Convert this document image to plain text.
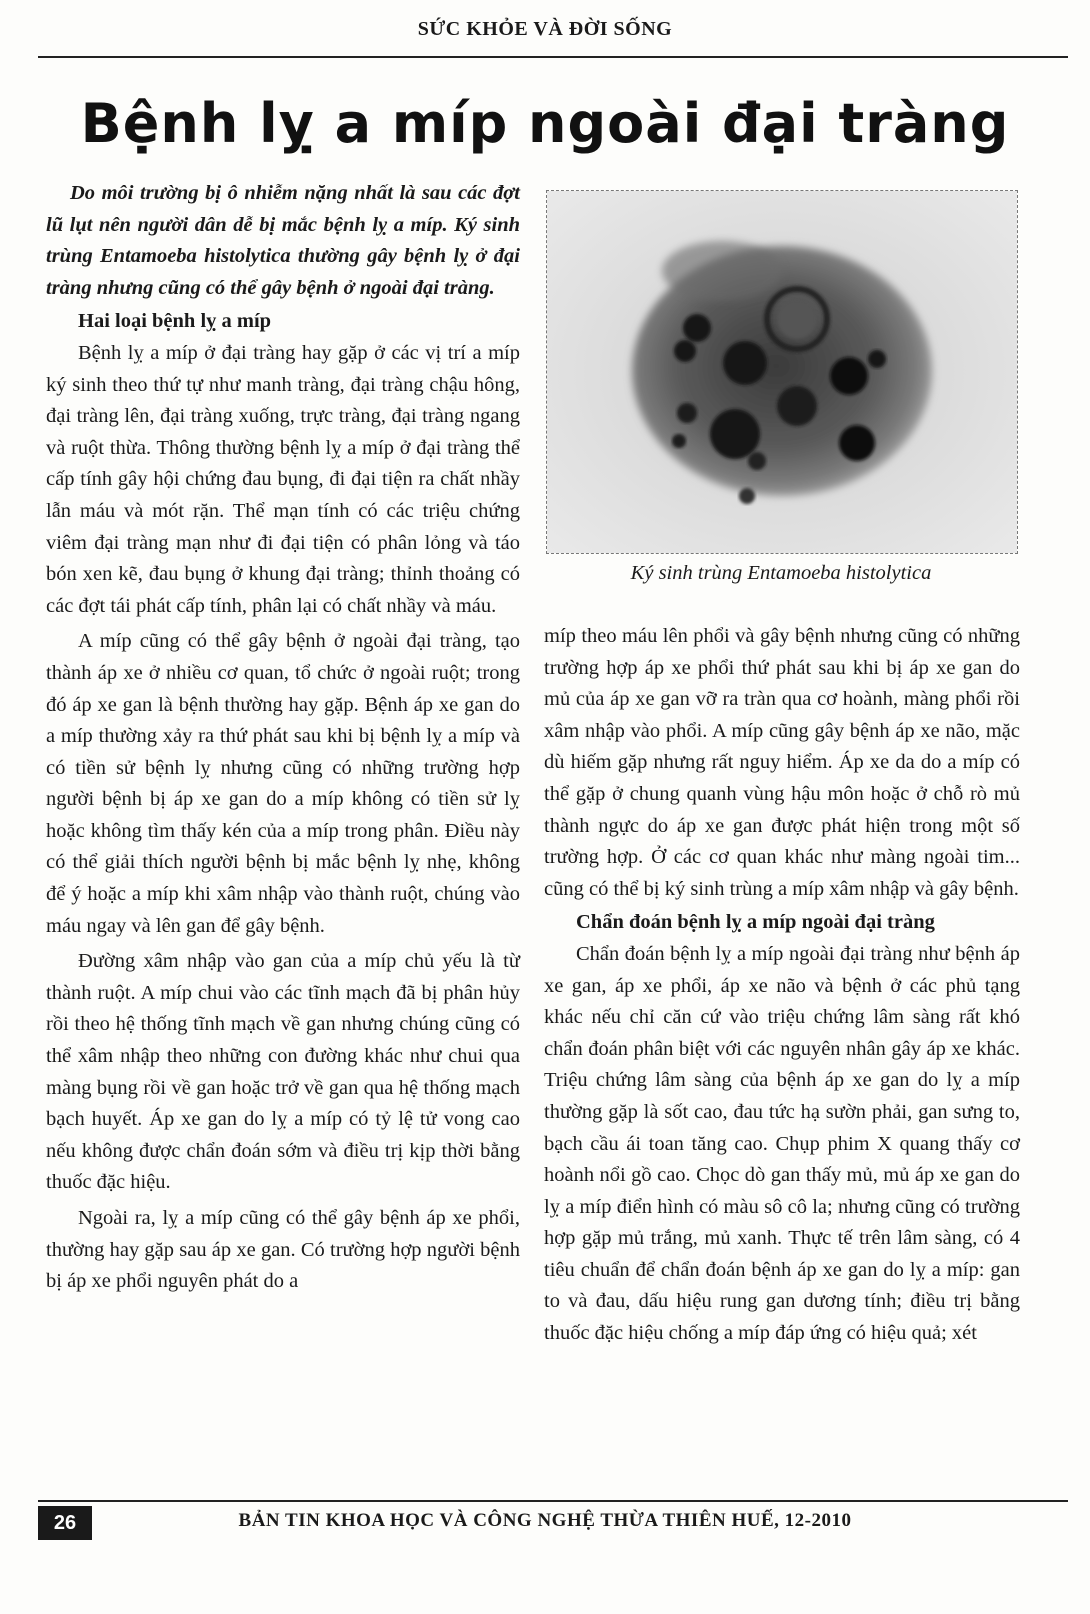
SỨC KHỎE VÀ ĐỜI SỐNG
Bệnh lỵ a míp ngoài đại tràng

Do môi trường bị ô nhiễm nặng nhất là sau các đợt lũ lụt nên người dân dễ bị mắc bệnh lỵ a míp. Ký sinh trùng Entamoeba histolytica thường gây bệnh lỵ ở đại tràng nhưng cũng có thể gây bệnh ở ngoài đại tràng.

Hai loại bệnh lỵ a míp

Bệnh lỵ a míp ở đại tràng hay gặp ở các vị trí a míp ký sinh theo thứ tự như manh tràng, đại tràng chậu hông, đại tràng lên, đại tràng xuống, trực tràng, đại tràng ngang và ruột thừa. Thông thường bệnh lỵ a míp ở đại tràng thể cấp tính gây hội chứng đau bụng, đi đại tiện ra chất nhầy lẫn máu và mót rặn. Thể mạn tính có các triệu chứng viêm đại tràng mạn như đi đại tiện có phân lỏng và táo bón xen kẽ, đau bụng ở khung đại tràng; thỉnh thoảng có các đợt tái phát cấp tính, phân lại có chất nhầy và máu.

A míp cũng có thể gây bệnh ở ngoài đại tràng, tạo thành áp xe ở nhiều cơ quan, tổ chức ở ngoài ruột; trong đó áp xe gan là bệnh thường hay gặp. Bệnh áp xe gan do a míp thường xảy ra thứ phát sau khi bị bệnh lỵ a míp và có tiền sử bệnh lỵ nhưng cũng có những trường hợp người bệnh bị áp xe gan do a míp không có tiền sử lỵ hoặc không tìm thấy kén của a míp trong phân. Điều này có thể giải thích người bệnh bị mắc bệnh lỵ nhẹ, không để ý hoặc a míp khi xâm nhập vào thành ruột, chúng vào máu ngay và lên gan để gây bệnh.

Đường xâm nhập vào gan của a míp chủ yếu là từ thành ruột. A míp chui vào các tĩnh mạch đã bị phân hủy rồi theo hệ thống tĩnh mạch về gan nhưng chúng cũng có thể xâm nhập theo những con đường khác như chui qua màng bụng rồi về gan hoặc trở về gan qua hệ thống mạch bạch huyết. Áp xe gan do lỵ a míp có tỷ lệ tử vong cao nếu không được chẩn đoán sớm và điều trị kịp thời bằng thuốc đặc hiệu.

Ngoài ra, lỵ a míp cũng có thể gây bệnh áp xe phổi, thường hay gặp sau áp xe gan. Có trường hợp người bệnh bị áp xe phổi nguyên phát do a

Ký sinh trùng Entamoeba histolytica

míp theo máu lên phổi và gây bệnh nhưng cũng có những trường hợp áp xe phổi thứ phát sau khi bị áp xe gan do mủ của áp xe gan vỡ ra tràn qua cơ hoành, màng phổi rồi xâm nhập vào phổi. A míp cũng gây bệnh áp xe não, mặc dù hiếm gặp nhưng rất nguy hiểm. Áp xe da do a míp có thể gặp ở chung quanh vùng hậu môn hoặc ở chỗ rò mủ thành ngực do áp xe gan được phát hiện trong một số trường hợp. Ở các cơ quan khác như màng ngoài tim... cũng có thể bị ký sinh trùng a míp xâm nhập và gây bệnh.

Chẩn đoán bệnh lỵ a míp ngoài đại tràng

Chẩn đoán bệnh lỵ a míp ngoài đại tràng như bệnh áp xe gan, áp xe phổi, áp xe não và bệnh ở các phủ tạng khác nếu chỉ căn cứ vào triệu chứng lâm sàng rất khó chẩn đoán phân biệt với các nguyên nhân gây áp xe khác. Triệu chứng lâm sàng của bệnh áp xe gan do lỵ a míp thường gặp là sốt cao, đau tức hạ sườn phải, gan sưng to, bạch cầu ái toan tăng cao. Chụp phim X quang thấy cơ hoành nổi gồ cao. Chọc dò gan thấy mủ, mủ áp xe gan do lỵ a míp điển hình có màu sô cô la; nhưng cũng có trường hợp gặp mủ trắng, mủ xanh. Thực tế trên lâm sàng, có 4 tiêu chuẩn để chẩn đoán bệnh áp xe gan do lỵ a míp: gan to và đau, dấu hiệu rung gan dương tính; điều trị bằng thuốc đặc hiệu chống a míp đáp ứng có hiệu quả; xét

26	BẢN TIN KHOA HỌC VÀ CÔNG NGHỆ THỪA THIÊN HUẾ, 12-2010
